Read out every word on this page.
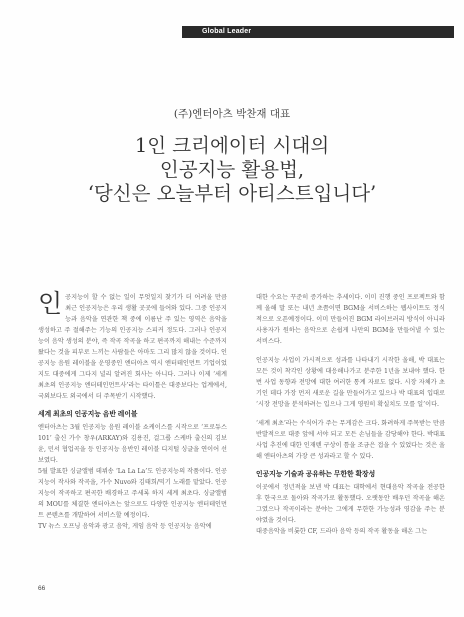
Global Leader
(주)엔터아츠 박찬재 대표
1인 크리에이터 시대의
인공지능 활용법,
‘당신은 오늘부터 아티스트입니다’

인공지능이 할 수 없는 일이 무엇일지 찾기가 더 어려울 만큼 최근 인공지능은 우리 생활 곳곳에 들어와 있다. 그중 인공지능과 음악을 연관한 책 중에 이름난 주 있는 영역은 음악을 생성하고 주 절해주는 기능의 인공지능 스피커 정도다. 그러나 인공지능이 음악 생성의 분야, 즉 작곡 작곡을 하고 편곡까지 해내는 수준까지 왔다는 것을 피부로 느끼는 사람들은 아마도 그리 많지 않을 것이다. 인공지능 음원 레이블을 운영중인 엔터아츠 역시 엔터테인먼트 기업이었지도 대중에게 그다지 널리 알려진 회사는 아니다. 그러나 이제 ‘세계 최초의 인공지능 엔터테인먼트사’라는 타이틀은 대중보다는 업계에서, 국외보다도 외국에서 더 주목받기 시작했다.

세계 최초의 인공지능 음반 레이블

엔터아츠는 3월 인공지능 음원 레이블 쇼케이스를 시작으로 ‘프로듀스 101’ 출신 가수 창우(ARKAY)와 김용진, 걸그룹 스케바 출신의 김보윤, 민서 협업곡을 등 인공지능 음반인 레이블 디지털 싱글을 연이어 선보였다.

5월 발표한 싱글앨범 데뷔송 ‘La La La’도 인공지능의 작품이다. 인공지능이 작사와 작곡을, 가수 Nuvo와 김태희/믹기 노래를 맡았다. 인공지능이 작곡하고 편곡한 배경하고 주세록 하지 세계 최초다. 싱글앨범의 MOU를 체결한 엔터아츠는 앞으로도 다양한 인공지능 엔터테인먼트 콘텐츠를 개발하여 서비스할 예정이다.

TV 뉴스 오프닝 음악과 광고 음악, 게임 음악 등 인공지능 음악에

대한 수요는 꾸준히 증가하는 추세이다. 이미 진행 중인 프로젝트와 함께 올해 말 또는 내년 초쯤이면 BGM을 서비스하는 웹사이트도 정식적으로 오픈예정이다. 이미 만들어진 BGM 라이브러리 방식이 아니라 사용자가 원하는 음악으로 손쉽게 나만의 BGM을 만들어낼 수 있는 서비스다.

인공지능 사업이 가시적으로 성과를 나타내기 시작한 올해, 박 대표는 모든 것이 착각인 상황에 대응해나가고 분주한 1년을 보내야 했다. 한번 사업 동향과 전망에 대한 여러한 통계 자료도 없다. 시장 자체가 초기인 데다 가장 먼저 새로운 길을 만들어가고 있으나 박 대표의 입대로 ‘시장 전망을 분석하려는 입으나 그게 영원히 확실치도 모를 일’이다.

‘세계 최초’라는 수식어가 주는 무게감은 크다. 화려하게 주목받는 만큼 반발적으로 대중 앞에 서야 되고 모든 손님들을 감당해야 한다. 박대표 사업 추진에 대한 인재텐 구상이 틈을 조금은 접을 수 있었다는 것은 올해 엔터아츠의 가장 큰 성과라고 할 수 있다.

인공지능 기술과 공유하는 무한한 확장성

이곳에서 정년적을 보낸 박 대표는 대학에서 현대음악 작곡을 전공한 후 한국으로 돌아와 작곡가로 활동했다. 오랫동안 배우던 작곡을 해온 그였으나 작곡이라는 분야는 그에게 무한한 가능성과 영감을 주는 분야였을 것이다.

대중음악을 비롯한 CF, 드라마 음악 등의 작곡 활동을 해온 그는

66
